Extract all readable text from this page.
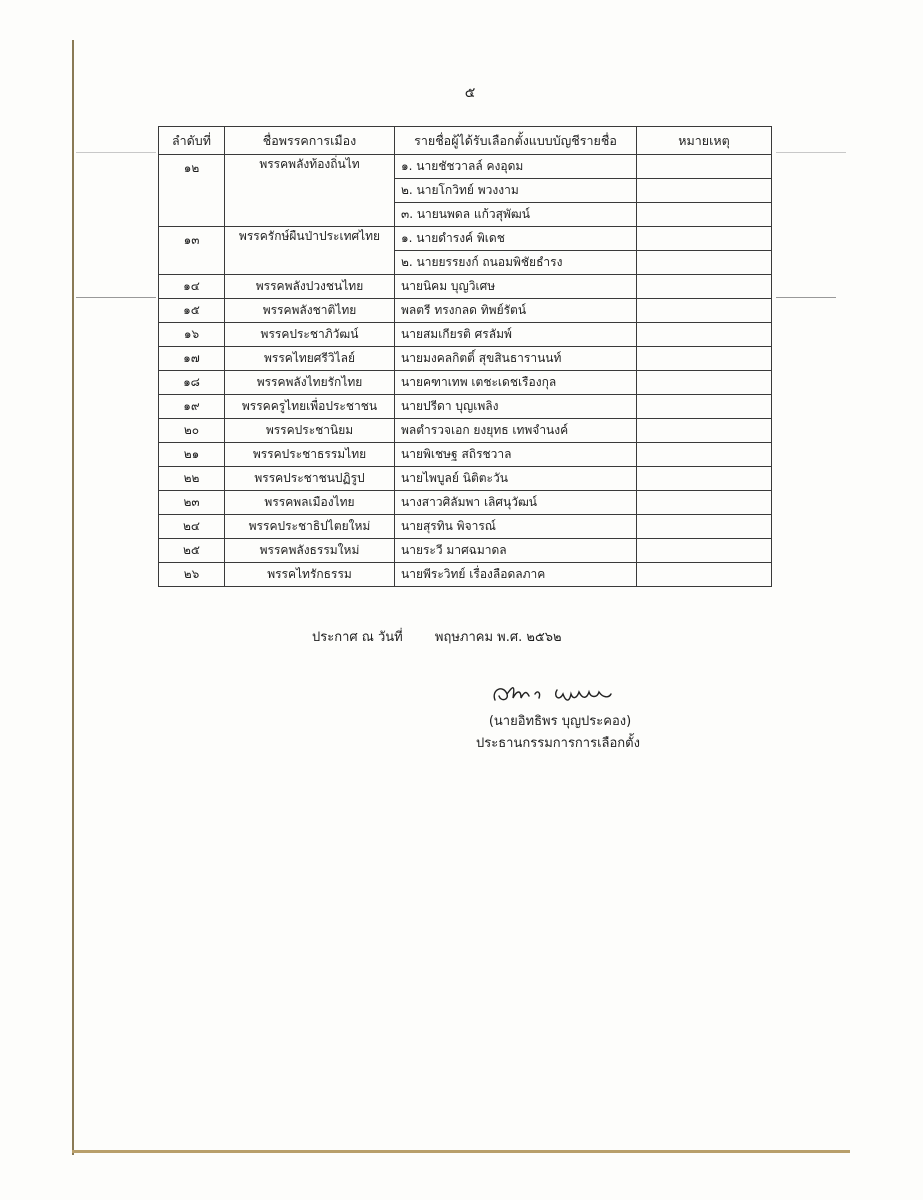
๕
ลำดับที่	ชื่อพรรคการเมือง	รายชื่อผู้ได้รับเลือกตั้งแบบบัญชีรายชื่อ	หมายเหตุ
๑๒	พรรคพลังท้องถิ่นไท	๑. นายชัชวาลล์ คงอุดม	
		๒. นายโกวิทย์ พวงงาม	
		๓. นายนพดล แก้วสุพัฒน์	
๑๓	พรรครักษ์ผืนป่าประเทศไทย	๑. นายดำรงค์ พิเดช	
		๒. นายยรรยงก์ ถนอมพิชัยธำรง	
๑๔	พรรคพลังปวงชนไทย	นายนิคม บุญวิเศษ	
๑๕	พรรคพลังชาติไทย	พลตรี ทรงกลด ทิพย์รัตน์	
๑๖	พรรคประชาภิวัฒน์	นายสมเกียรติ ศรลัมพ์	
๑๗	พรรคไทยศรีวิไลย์	นายมงคลกิตติ์ สุขสินธารานนท์	
๑๘	พรรคพลังไทยรักไทย	นายคฑาเทพ เตชะเดชเรืองกุล	
๑๙	พรรคครูไทยเพื่อประชาชน	นายปรีดา บุญเพลิง	
๒๐	พรรคประชานิยม	พลตำรวจเอก ยงยุทธ เทพจำนงค์	
๒๑	พรรคประชาธรรมไทย	นายพิเชษฐ สถิรชวาล	
๒๒	พรรคประชาชนปฏิรูป	นายไพบูลย์ นิติตะวัน	
๒๓	พรรคพลเมืองไทย	นางสาวศิลัมพา เลิศนุวัฒน์	
๒๔	พรรคประชาธิปไตยใหม่	นายสุรทิน พิจารณ์	
๒๕	พรรคพลังธรรมใหม่	นายระวี มาศฉมาดล	
๒๖	พรรคไทรักธรรม	นายพีระวิทย์ เรื่องลือดลภาค	
ประกาศ ณ วันที่ พฤษภาคม พ.ศ. ๒๕๖๒
(นายอิทธิพร บุญประคอง)
ประธานกรรมการการเลือกตั้ง
